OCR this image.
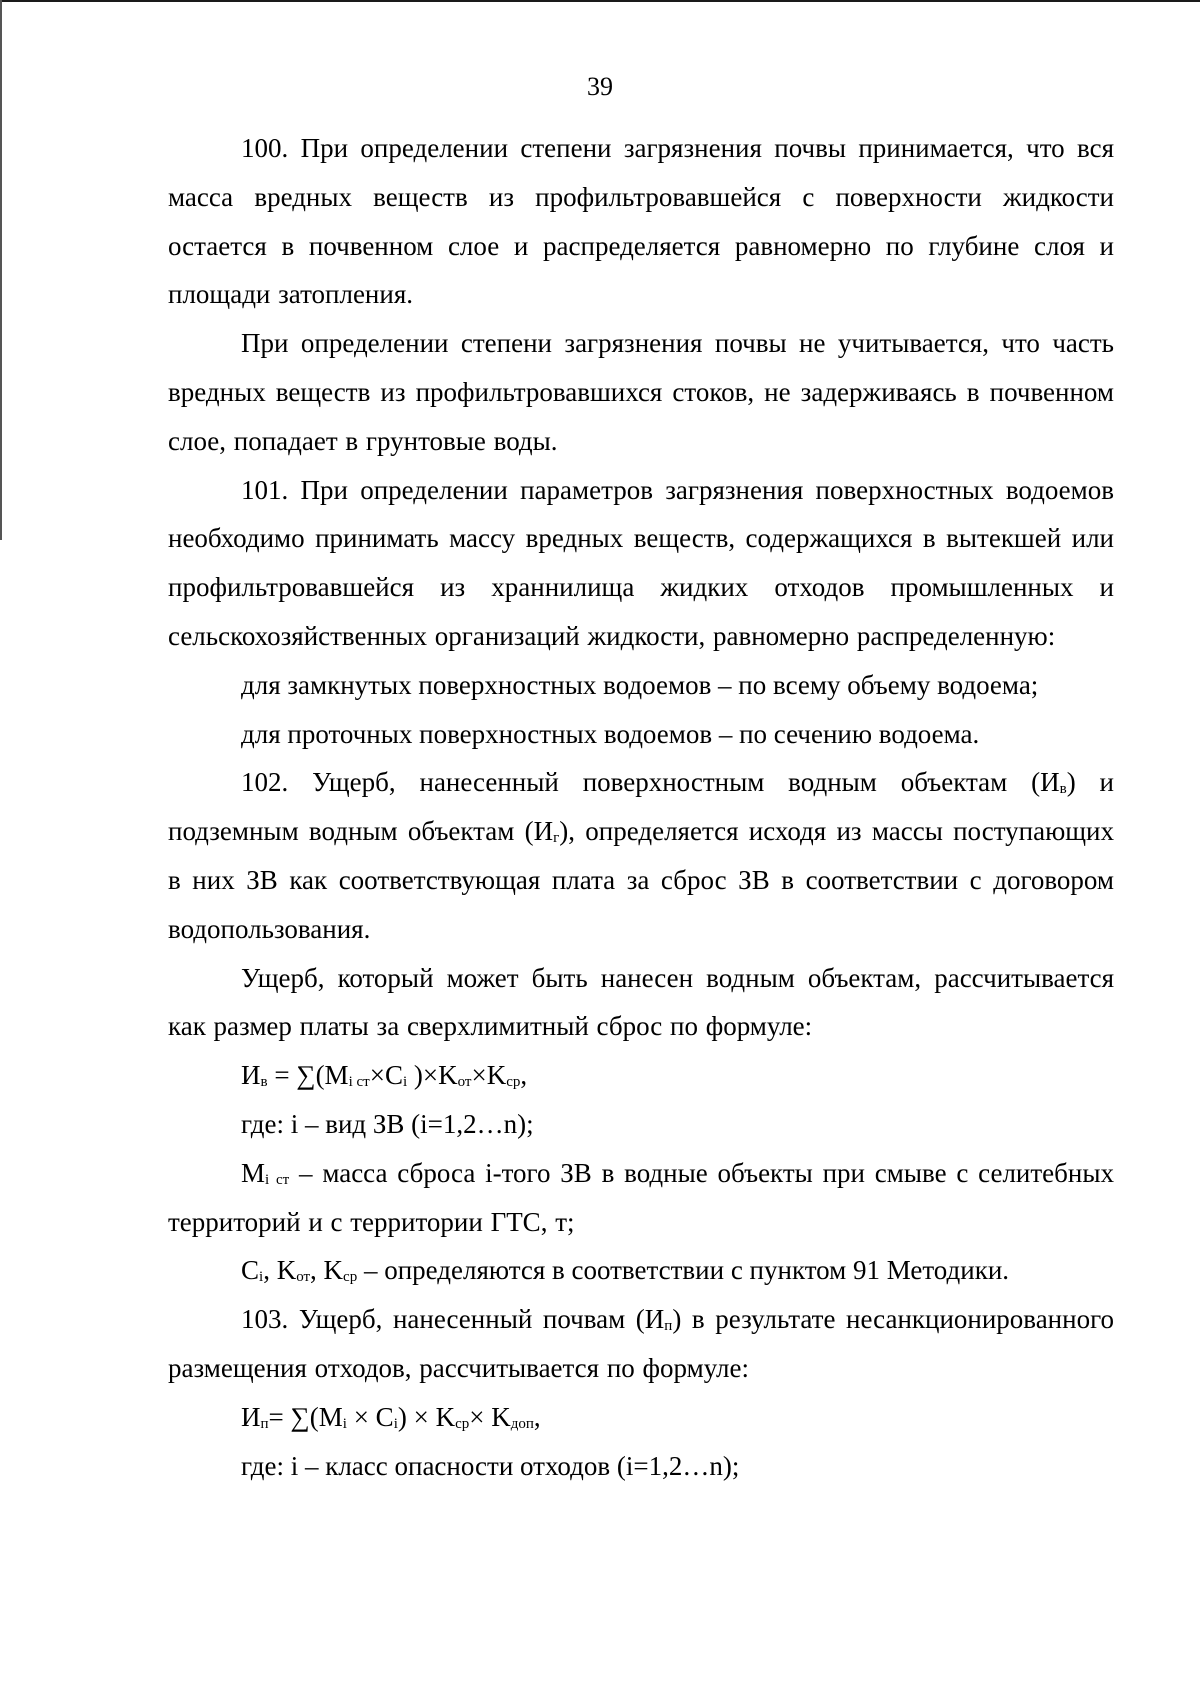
39

100. При определении степени загрязнения почвы принимается, что вся масса вредных веществ из профильтровавшейся с поверхности жидкости остается в почвенном слое и распределяется равномерно по глубине слоя и площади затопления.

При определении степени загрязнения почвы не учитывается, что часть вредных веществ из профильтровавшихся стоков, не задерживаясь в почвенном слое, попадает в грунтовые воды.

101. При определении параметров загрязнения поверхностных водоемов необходимо принимать массу вредных веществ, содержащихся в вытекшей или профильтровавшейся из храннилища жидких отходов промышленных и сельскохозяйственных организаций жидкости, равномерно распределенную:

для замкнутых поверхностных водоемов – по всему объему водоема;

для проточных поверхностных водоемов – по сечению водоема.

102. Ущерб, нанесенный поверхностным водным объектам $(И_в)$ и подземным водным объектам $(И_г)$, определяется исходя из массы поступающих в них ЗВ как соответствующая плата за сброс ЗВ в соответствии с договором водопользования.

Ущерб, который может быть нанесен водным объектам, рассчитывается как размер платы за сверхлимитный сброс по формуле:

$И_в = \sum(M_{i ст}\times C_i$ )$\times K_{от}\times K_{ср}$,

где: i – вид ЗВ (i=1,2…n);

$M_{i ст}$ – масса сброса i-того ЗВ в водные объекты при смыве с селитебных территорий и с территории ГТС, т;

$C_i$, $K_{от}$, $K_{ср}$ – определяются в соответствии с пунктом 91 Методики.

103. Ущерб, нанесенный почвам $(И_п)$ в результате несанкционированного размещения отходов, рассчитывается по формуле:

$И_п= \sum(M_i \times C_i) \times K_{ср}\times K_{доп}$,

где: i – класс опасности отходов (i=1,2…n);
